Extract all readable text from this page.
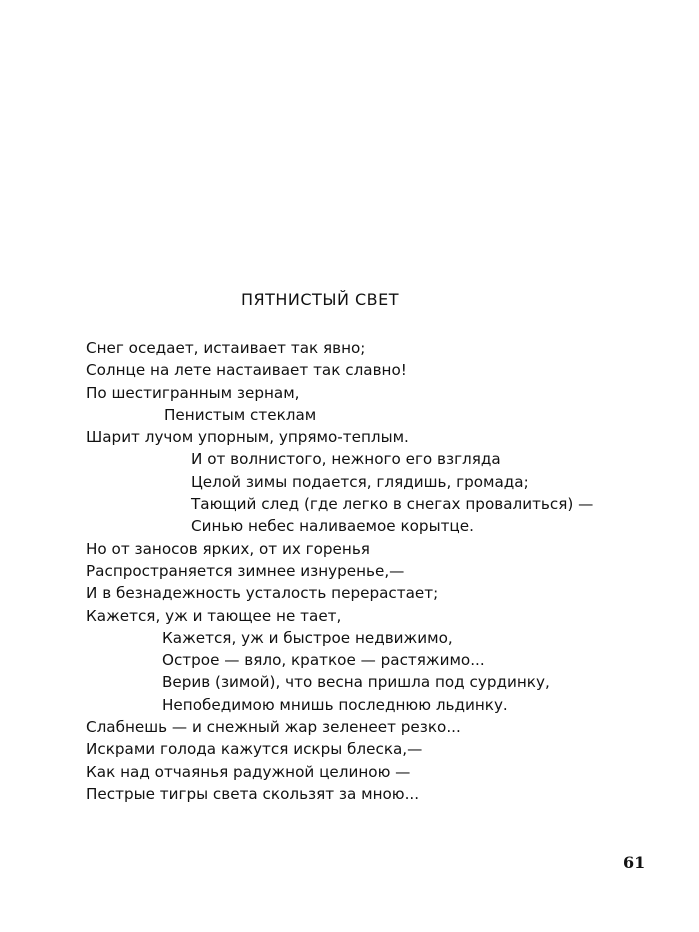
ПЯТНИСТЫЙ СВЕТ
Снег оседает, истаивает так явно;
Солнце на лете настаивает так славно!
По шестигранным зернам,
Пенистым стеклам
Шарит лучом упорным, упрямо-теплым.
И от волнистого, нежного его взгляда
Целой зимы подается, глядишь, громада;
Тающий след (где легко в снегах провалиться) —
Синью небес наливаемое корытце.
Но от заносов ярких, от их горенья
Распространяется зимнее изнуренье,—
И в безнадежность усталость перерастает;
Кажется, уж и тающее не тает,
Кажется, уж и быстрое недвижимо,
Острое — вяло, краткое — растяжимо...
Верив (зимой), что весна пришла под сурдинку,
Непобедимою мнишь последнюю льдинку.
Слабнешь — и снежный жар зеленеет резко...
Искрами голода кажутся искры блеска,—
Как над отчаянья радужной целиною —
Пестрые тигры света скользят за мною...
61
